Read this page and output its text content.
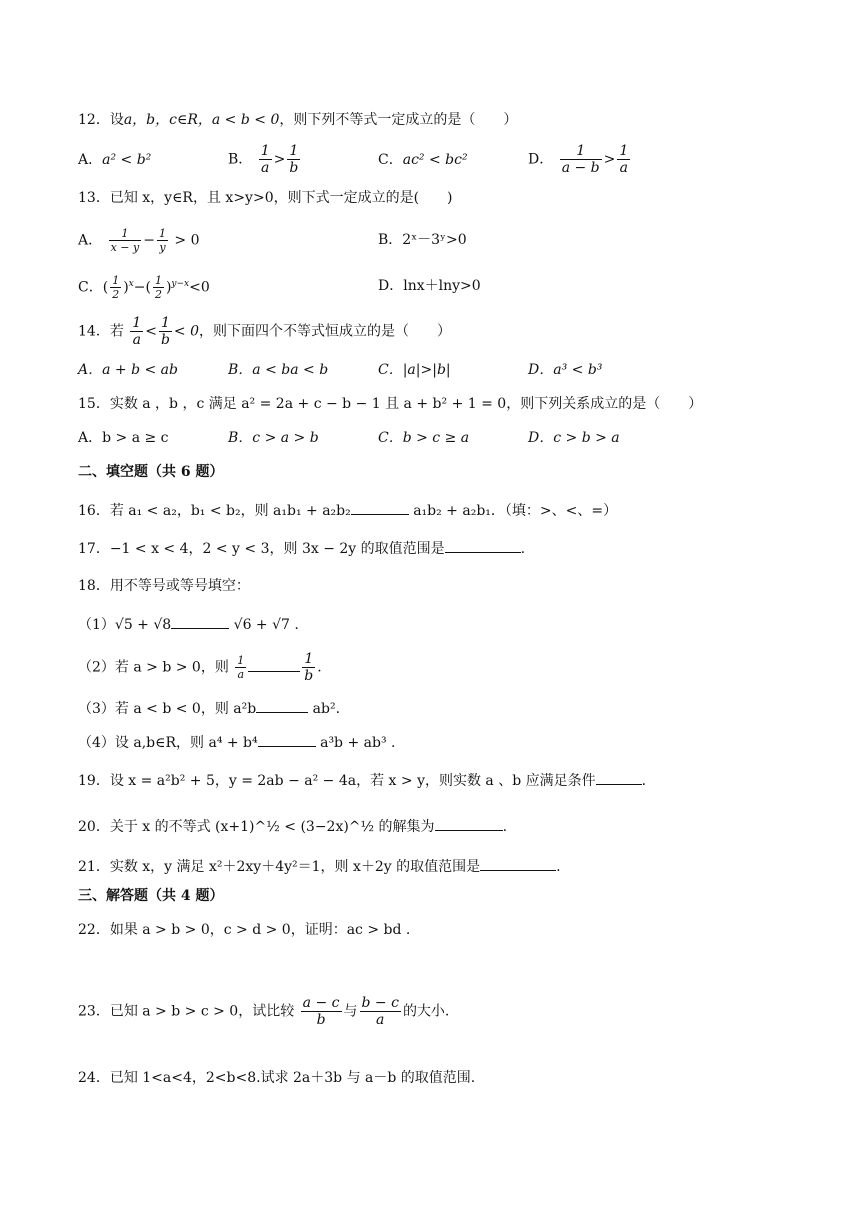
12．设a，b，c∈R，a < b < 0，则下列不等式一定成立的是（　　）
A．a² < b²	B． $\frac{1}{a} > \frac{1}{b}$	C．ac² < bc²	D． $\frac{1}{a - b} > \frac{1}{a}$
13．已知 x，y∈R，且 x>y>0，则下式一定成立的是(　　)
A． $\frac{1}{x - y} - \frac{1}{y} > 0$	B．2ˣ－3ʸ>0
C．( $\frac{1}{2} )^x-( \frac{1}{2} )^{y-x}<0$	D．lnx＋lny>0
14．若 $\frac{1}{a} < \frac{1}{b} < 0$，则下面四个不等式恒成立的是（　　）
A．a + b < ab	B．a < ba < b	C．|a|>|b|	D．a³ < b³
15．实数 a ，b ，c 满足 a² = 2a + c − b − 1 且 a + b² + 1 = 0，则下列关系成立的是（　　）
A．b > a ≥ c	B．c > a > b	C．b > c ≥ a	D．c > b > a
二、填空题（共 6 题）
16．若 a₁ < a₂，b₁ < b₂，则 a₁b₁ + a₂b₂	a₁b₂ + a₂b₁．（填：>、<、=）
17．−1 < x < 4，2 < y < 3，则 3x − 2y 的取值范围是	.
18．用不等号或等号填空：
（1）√5 + √8	√6 + √7 .
（2）若 a > b > 0，则 $\frac{1}{a}$	$\frac{1}{b}$ .
（3）若 a < b < 0，则 a²b	ab².
（4）设 a,b∈R，则 a⁴ + b⁴	a³b + ab³ .
19．设 x = a²b² + 5，y = 2ab − a² − 4a，若 x > y，则实数 a 、b 应满足条件	.
20．关于 x 的不等式 (x+1)^½ < (3−2x)^½ 的解集为	.
21．实数 x，y 满足 x²＋2xy＋4y²＝1，则 x＋2y 的取值范围是	.
三、解答题（共 4 题）
22．如果 a > b > 0，c > d > 0，证明：ac > bd .
23．已知 a > b > c > 0，试比较 $\frac{a - c}{b}$ 与 $\frac{b - c}{a}$ 的大小.
24．已知 1<a<4，2<b<8.试求 2a＋3b 与 a－b 的取值范围.
